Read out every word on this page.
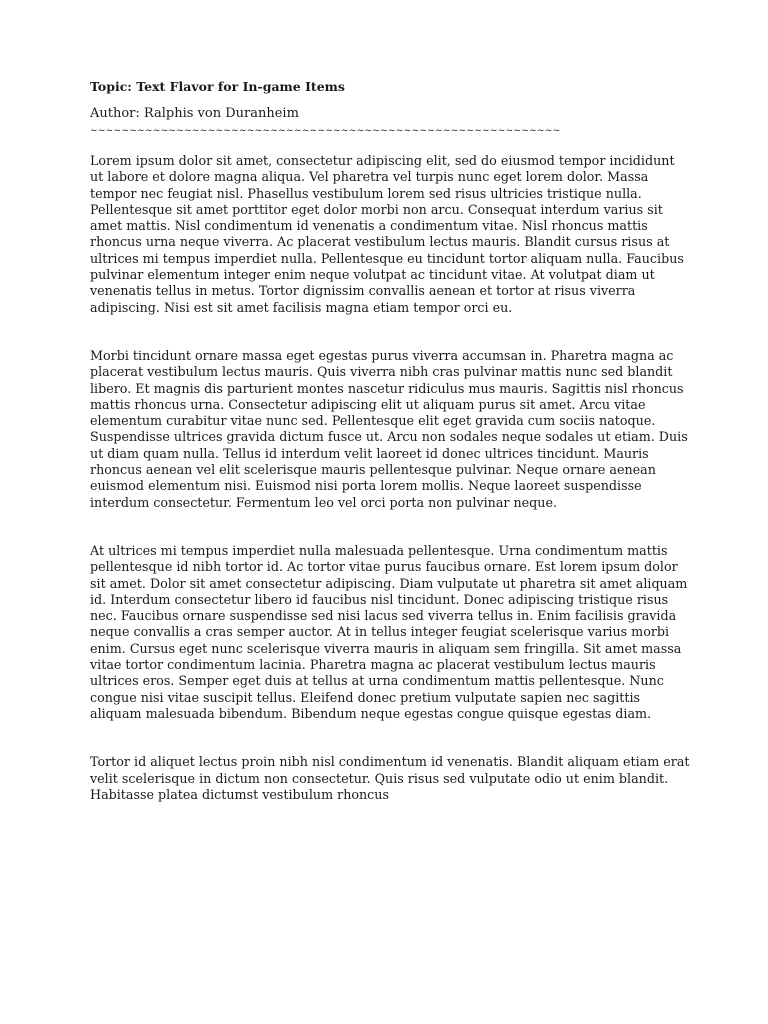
Topic: Text Flavor for In-game Items

Author: Ralphis von Duranheim

~~~~~~~~~~~~~~~~~~~~~~~~~~~~~~~~~~~~~~~~~~~~~~~~~~~~~~~~~~~~

Lorem ipsum dolor sit amet, consectetur adipiscing elit, sed do eiusmod tempor incididunt ut labore et dolore magna aliqua. Vel pharetra vel turpis nunc eget lorem dolor. Massa tempor nec feugiat nisl. Phasellus vestibulum lorem sed risus ultricies tristique nulla. Pellentesque sit amet porttitor eget dolor morbi non arcu. Consequat interdum varius sit amet mattis. Nisl condimentum id venenatis a condimentum vitae. Nisl rhoncus mattis rhoncus urna neque viverra. Ac placerat vestibulum lectus mauris. Blandit cursus risus at ultrices mi tempus imperdiet nulla. Pellentesque eu tincidunt tortor aliquam nulla. Faucibus pulvinar elementum integer enim neque volutpat ac tincidunt vitae. At volutpat diam ut venenatis tellus in metus. Tortor dignissim convallis aenean et tortor at risus viverra adipiscing. Nisi est sit amet facilisis magna etiam tempor orci eu.

Morbi tincidunt ornare massa eget egestas purus viverra accumsan in. Pharetra magna ac placerat vestibulum lectus mauris. Quis viverra nibh cras pulvinar mattis nunc sed blandit libero. Et magnis dis parturient montes nascetur ridiculus mus mauris. Sagittis nisl rhoncus mattis rhoncus urna. Consectetur adipiscing elit ut aliquam purus sit amet. Arcu vitae elementum curabitur vitae nunc sed. Pellentesque elit eget gravida cum sociis natoque. Suspendisse ultrices gravida dictum fusce ut. Arcu non sodales neque sodales ut etiam. Duis ut diam quam nulla. Tellus id interdum velit laoreet id donec ultrices tincidunt. Mauris rhoncus aenean vel elit scelerisque mauris pellentesque pulvinar. Neque ornare aenean euismod elementum nisi. Euismod nisi porta lorem mollis. Neque laoreet suspendisse interdum consectetur. Fermentum leo vel orci porta non pulvinar neque.

At ultrices mi tempus imperdiet nulla malesuada pellentesque. Urna condimentum mattis pellentesque id nibh tortor id. Ac tortor vitae purus faucibus ornare. Est lorem ipsum dolor sit amet. Dolor sit amet consectetur adipiscing. Diam vulputate ut pharetra sit amet aliquam id. Interdum consectetur libero id faucibus nisl tincidunt. Donec adipiscing tristique risus nec. Faucibus ornare suspendisse sed nisi lacus sed viverra tellus in. Enim facilisis gravida neque convallis a cras semper auctor. At in tellus integer feugiat scelerisque varius morbi enim. Cursus eget nunc scelerisque viverra mauris in aliquam sem fringilla. Sit amet massa vitae tortor condimentum lacinia. Pharetra magna ac placerat vestibulum lectus mauris ultrices eros. Semper eget duis at tellus at urna condimentum mattis pellentesque. Nunc congue nisi vitae suscipit tellus. Eleifend donec pretium vulputate sapien nec sagittis aliquam malesuada bibendum. Bibendum neque egestas congue quisque egestas diam.

Tortor id aliquet lectus proin nibh nisl condimentum id venenatis. Blandit aliquam etiam erat velit scelerisque in dictum non consectetur. Quis risus sed vulputate odio ut enim blandit. Habitasse platea dictumst vestibulum rhoncus
